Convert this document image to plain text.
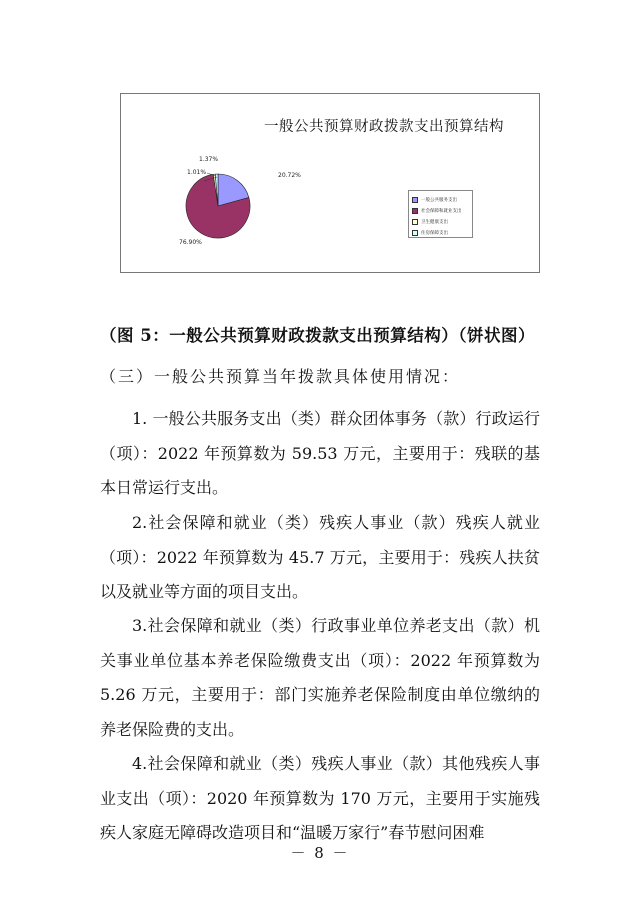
一般公共预算财政拨款支出预算结构
20.72%
76.90%
1.01%
1.37%
一般公共服务支出
社会保障和就业支出
卫生健康支出
住房保障支出
（图 5：一般公共预算财政拨款支出预算结构）（饼状图）
（三）一般公共预算当年拨款具体使用情况：

1. 一般公共服务支出（类）群众团体事务（款）行政运行（项）：2022 年预算数为 59.53 万元，主要用于：残联的基本日常运行支出。

2.社会保障和就业（类）残疾人事业（款）残疾人就业（项）：2022 年预算数为 45.7 万元，主要用于：残疾人扶贫以及就业等方面的项目支出。

3.社会保障和就业（类）行政事业单位养老支出（款）机关事业单位基本养老保险缴费支出（项）：2022 年预算数为 5.26 万元，主要用于：部门实施养老保险制度由单位缴纳的养老保险费的支出。

4.社会保障和就业（类）残疾人事业（款）其他残疾人事业支出（项）：2020 年预算数为 170 万元，主要用于实施残疾人家庭无障碍改造项目和“温暖万家行”春节慰问困难

－ 8 －
